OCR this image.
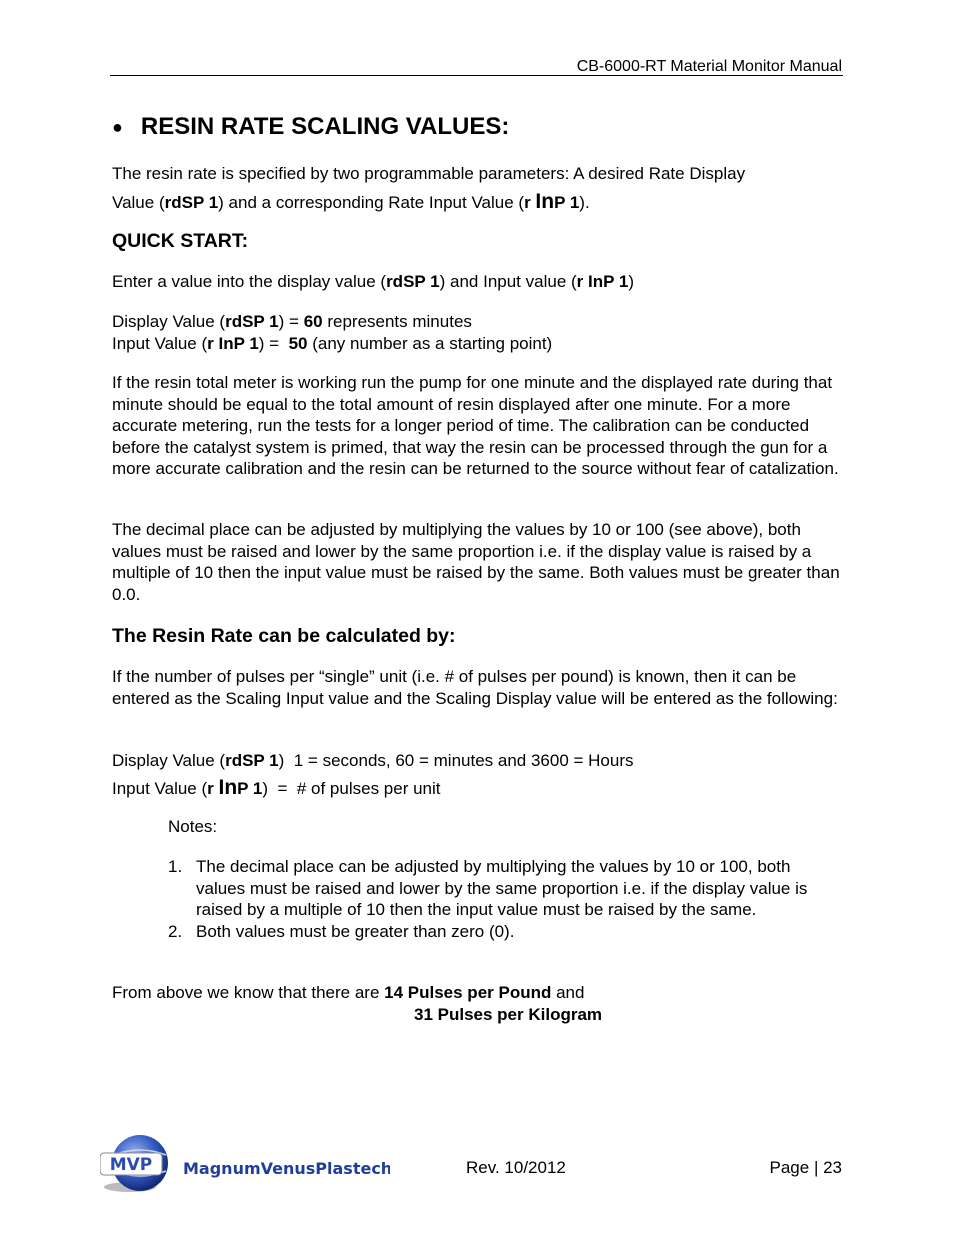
CB-6000-RT Material Monitor Manual
● RESIN RATE SCALING VALUES:
The resin rate is specified by two programmable parameters: A desired Rate Display
Value (rdSP 1) and a corresponding Rate Input Value (r InP 1).
QUICK START:
Enter a value into the display value (rdSP 1) and Input value (r InP 1)
Display Value (rdSP 1) = 60 represents minutes
Input Value (r InP 1) =  50 (any number as a starting point)
If the resin total meter is working run the pump for one minute and the displayed rate during that minute should be equal to the total amount of resin displayed after one minute. For a more accurate metering, run the tests for a longer period of time. The calibration can be conducted before the catalyst system is primed, that way the resin can be processed through the gun for a more accurate calibration and the resin can be returned to the source without fear of catalization.
The decimal place can be adjusted by multiplying the values by 10 or 100 (see above), both values must be raised and lower by the same proportion i.e. if the display value is raised by a multiple of 10 then the input value must be raised by the same. Both values must be greater than 0.0.
The Resin Rate can be calculated by:
If the number of pulses per “single” unit (i.e. # of pulses per pound) is known, then it can be entered as the Scaling Input value and the Scaling Display value will be entered as the following:
Display Value (rdSP 1)  1 = seconds, 60 = minutes and 3600 = Hours
Input Value (r InP 1)  =  # of pulses per unit
Notes:
1. The decimal place can be adjusted by multiplying the values by 10 or 100, both values must be raised and lower by the same proportion i.e. if the display value is raised by a multiple of 10 then the input value must be raised by the same.
2. Both values must be greater than zero (0).
From above we know that there are 14 Pulses per Pound and
31 Pulses per Kilogram
MVP MagnumVenusPlastech	Rev. 10/2012	Page | 23
